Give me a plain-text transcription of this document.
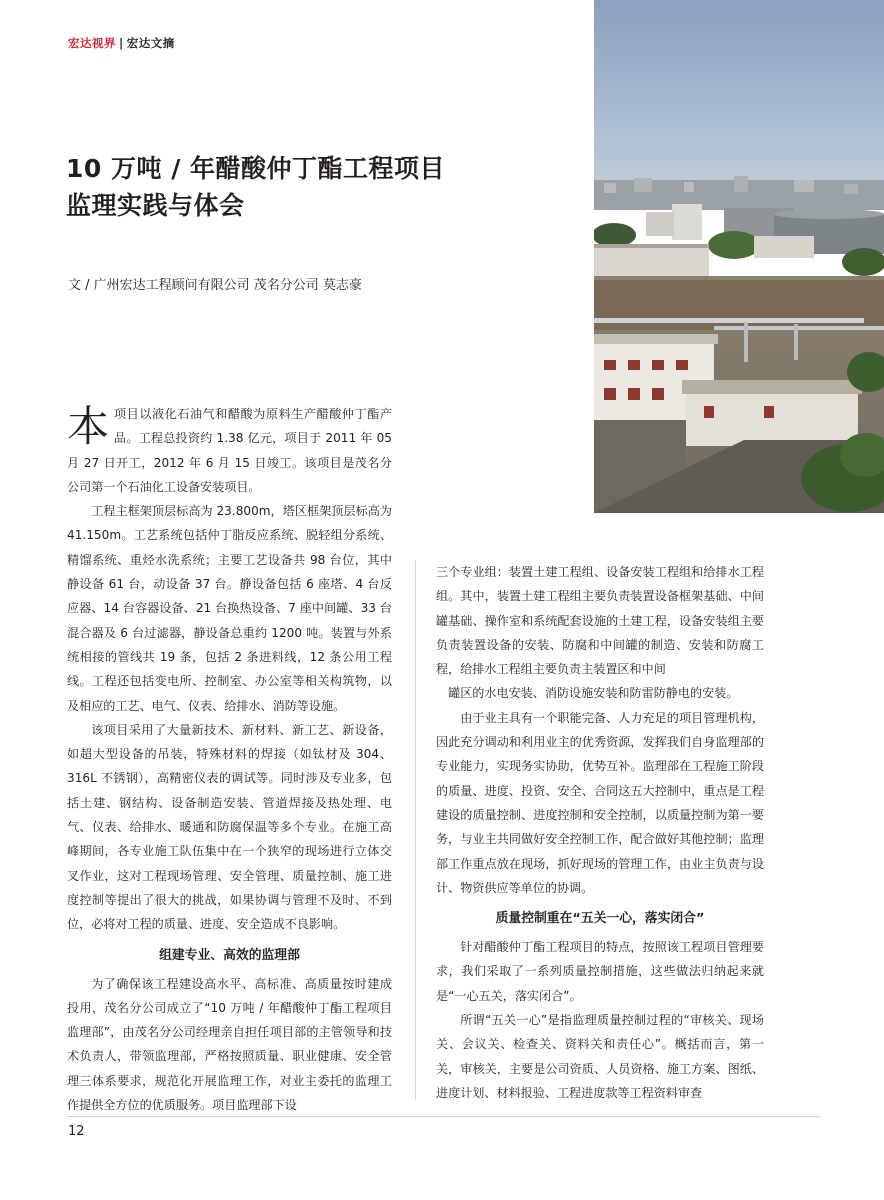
宏达视界 | 宏达文摘
10 万吨 / 年醋酸仲丁酯工程项目
监理实践与体会
文 / 广州宏达工程顾问有限公司 茂名分公司 莫志豪

本项目以液化石油气和醋酸为原料生产醋酸仲丁酯产品。工程总投资约 1.38 亿元，项目于 2011 年 05 月 27 日开工，2012 年 6 月 15 日竣工。该项目是茂名分公司第一个石油化工设备安装项目。

工程主框架顶层标高为 23.800m，塔区框架顶层标高为 41.150m。工艺系统包括仲丁脂反应系统、脱轻组分系统、精馏系统、重烃水洗系统；主要工艺设备共 98 台位，其中静设备 61 台，动设备 37 台。静设备包括 6 座塔、4 台反应器、14 台容器设备、21 台换热设备、7 座中间罐、33 台混合器及 6 台过滤器，静设备总重约 1200 吨。装置与外系统相接的管线共 19 条，包括 2 条进料线，12 条公用工程线。工程还包括变电所、控制室、办公室等相关构筑物，以及相应的工艺、电气、仪表、给排水、消防等设施。

该项目采用了大量新技术、新材料、新工艺、新设备，如超大型设备的吊装，特殊材料的焊接（如钛材及 304、316L 不锈钢），高精密仪表的调试等。同时涉及专业多，包括土建、钢结构、设备制造安装、管道焊接及热处理、电气、仪表、给排水、暖通和防腐保温等多个专业。在施工高峰期间，各专业施工队伍集中在一个狭窄的现场进行立体交叉作业，这对工程现场管理、安全管理、质量控制、施工进度控制等提出了很大的挑战，如果协调与管理不及时、不到位，必将对工程的质量、进度、安全造成不良影响。

组建专业、高效的监理部

为了确保该工程建设高水平、高标准、高质量按时建成投用，茂名分公司成立了“10 万吨 / 年醋酸仲丁酯工程项目监理部”，由茂名分公司经理亲自担任项目部的主管领导和技术负责人，带领监理部，严格按照质量、职业健康、安全管理三体系要求，规范化开展监理工作，对业主委托的监理工作提供全方位的优质服务。项目监理部下设

三个专业组：装置土建工程组、设备安装工程组和给排水工程组。其中，装置土建工程组主要负责装置设备框架基础、中间罐基础、操作室和系统配套设施的土建工程，设备安装组主要负责装置设备的安装、防腐和中间罐的制造、安装和防腐工程，给排水工程组主要负责主装置区和中间

罐区的水电安装、消防设施安装和防雷防静电的安装。

由于业主具有一个职能完备、人力充足的项目管理机构，因此充分调动和利用业主的优秀资源，发挥我们自身监理部的专业能力，实现务实协助，优势互补。监理部在工程施工阶段的质量、进度、投资、安全、合同这五大控制中，重点是工程建设的质量控制、进度控制和安全控制，以质量控制为第一要务，与业主共同做好安全控制工作，配合做好其他控制；监理部工作重点放在现场，抓好现场的管理工作，由业主负责与设计、物资供应等单位的协调。

质量控制重在“五关一心，落实闭合”

针对醋酸仲丁酯工程项目的特点，按照该工程项目管理要求，我们采取了一系列质量控制措施，这些做法归纳起来就是“一心五关，落实闭合”。

所谓“五关一心”是指监理质量控制过程的“审核关、现场关、会议关、检查关、资料关和责任心”。概括而言，第一关，审核关，主要是公司资质、人员资格、施工方案、图纸、进度计划、材料报验、工程进度款等工程资料审查

12
